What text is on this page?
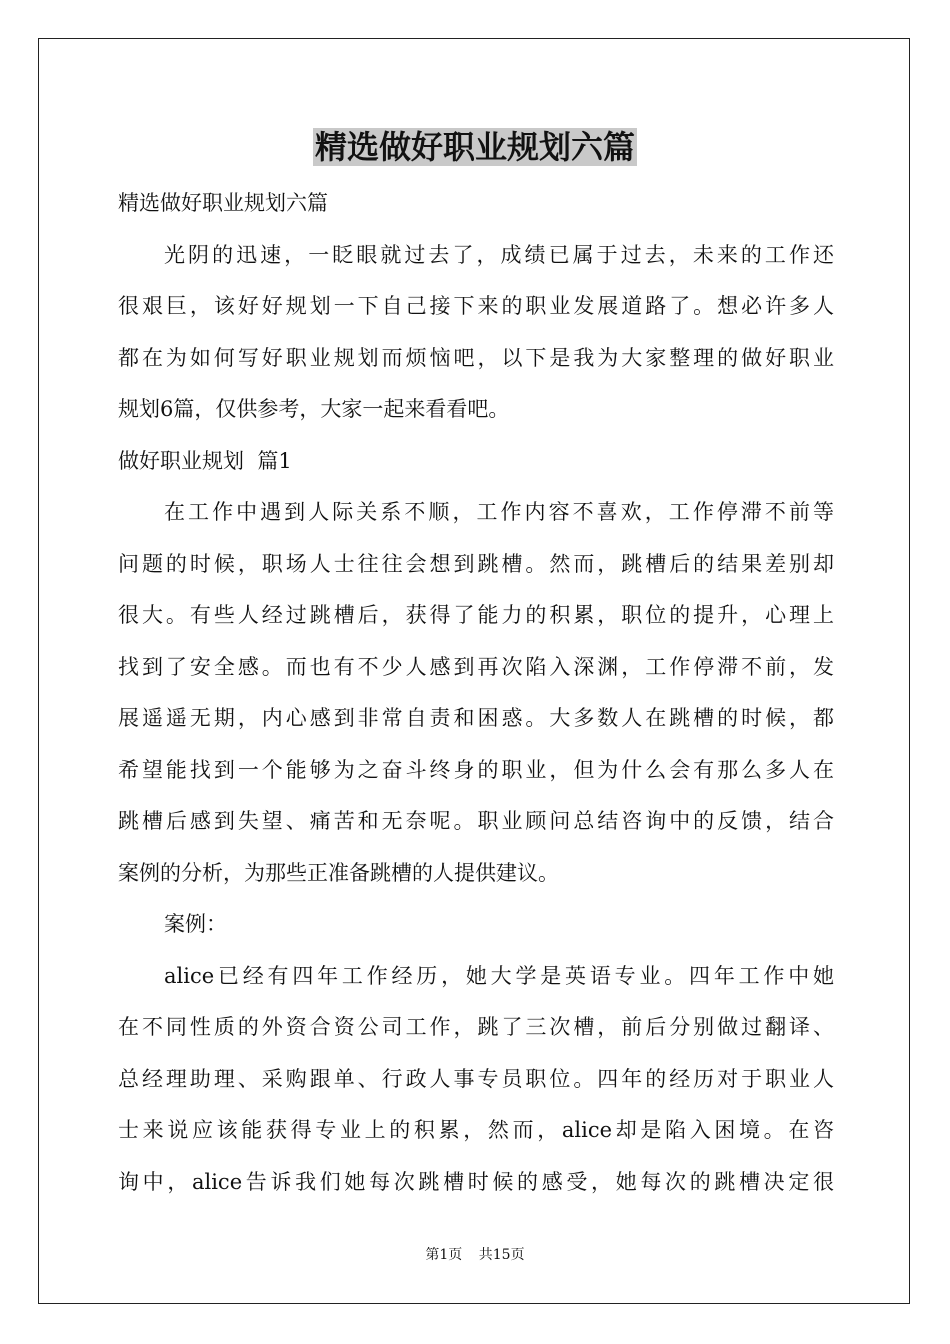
精选做好职业规划六篇
精选做好职业规划六篇
光阴的迅速，一眨眼就过去了，成绩已属于过去，未来的工作还
很艰巨，该好好规划一下自己接下来的职业发展道路了。想必许多人
都在为如何写好职业规划而烦恼吧，以下是我为大家整理的做好职业
规划6篇，仅供参考，大家一起来看看吧。
做好职业规划  篇1
在工作中遇到人际关系不顺，工作内容不喜欢，工作停滞不前等
问题的时候，职场人士往往会想到跳槽。然而，跳槽后的结果差别却
很大。有些人经过跳槽后，获得了能力的积累，职位的提升，心理上
找到了安全感。而也有不少人感到再次陷入深渊，工作停滞不前，发
展遥遥无期，内心感到非常自责和困惑。大多数人在跳槽的时候，都
希望能找到一个能够为之奋斗终身的职业，但为什么会有那么多人在
跳槽后感到失望、痛苦和无奈呢。职业顾问总结咨询中的反馈，结合
案例的分析，为那些正准备跳槽的人提供建议。
案例：
alice已经有四年工作经历，她大学是英语专业。四年工作中她
在不同性质的外资合资公司工作，跳了三次槽，前后分别做过翻译、
总经理助理、采购跟单、行政人事专员职位。四年的经历对于职业人
士来说应该能获得专业上的积累，然而，alice却是陷入困境。在咨
询中，alice告诉我们她每次跳槽时候的感受，她每次的跳槽决定很
第1页 共15页
